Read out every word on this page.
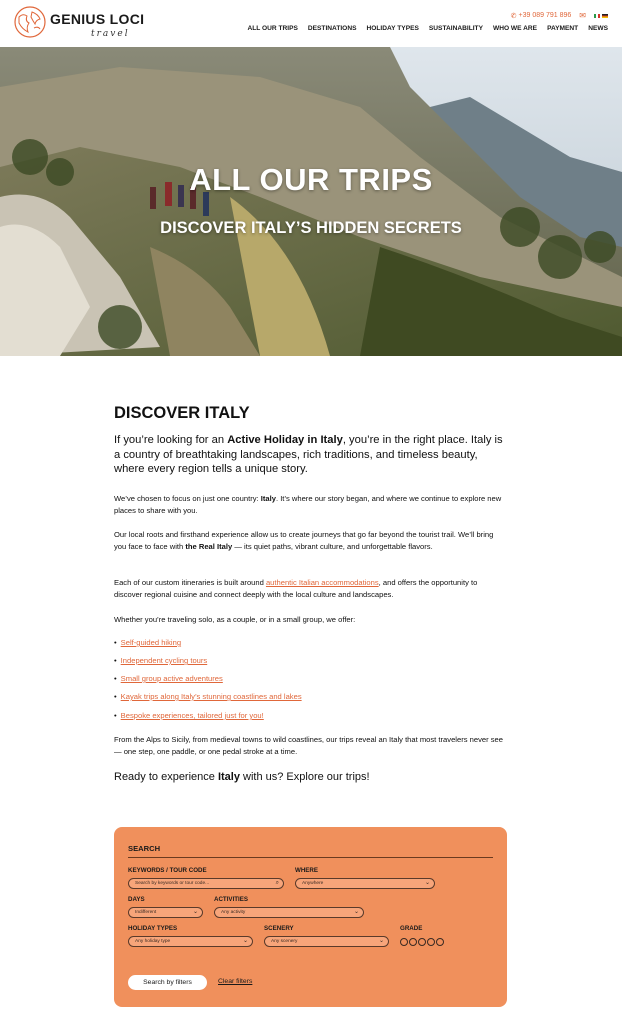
GENIUS LOCI
travel
✆ +39 089 791 896 ✉
ALL OUR TRIPS DESTINATIONS HOLIDAY TYPES SUSTAINABILITY WHO WE ARE PAYMENT NEWS
ALL OUR TRIPS
DISCOVER ITALY’S HIDDEN SECRETS
DISCOVER ITALY
If you’re looking for an Active Holiday in Italy, you’re in the right place. Italy is a country of breathtaking landscapes, rich traditions, and timeless beauty, where every region tells a unique story.
We’ve chosen to focus on just one country: Italy. It’s where our story began, and where we continue to explore new places to share with you.
Our local roots and firsthand experience allow us to create journeys that go far beyond the tourist trail. We’ll bring you face to face with the Real Italy — its quiet paths, vibrant culture, and unforgettable flavors.
Each of our custom itineraries is built around authentic Italian accommodations, and offers the opportunity to discover regional cuisine and connect deeply with the local culture and landscapes.
Whether you’re traveling solo, as a couple, or in a small group, we offer:
• Self-guided hiking
• Independent cycling tours
• Small group active adventures
• Kayak trips along Italy’s stunning coastlines and lakes
• Bespoke experiences, tailored just for you!
From the Alps to Sicily, from medieval towns to wild coastlines, our trips reveal an Italy that most travelers never see — one step, one paddle, or one pedal stroke at a time.
Ready to experience Italy with us? Explore our trips!
SEARCH
KEYWORDS / TOUR CODE
Search by keywords or tour code...	⌕
WHERE
Anywhere	⌄
DAYS
Indifferent	⌄
ACTIVITIES
Any activity	⌄
HOLIDAY TYPES
Any holiday type	⌄
SCENERY
Any scenery	⌄
GRADE
Search by filters	Clear filters
